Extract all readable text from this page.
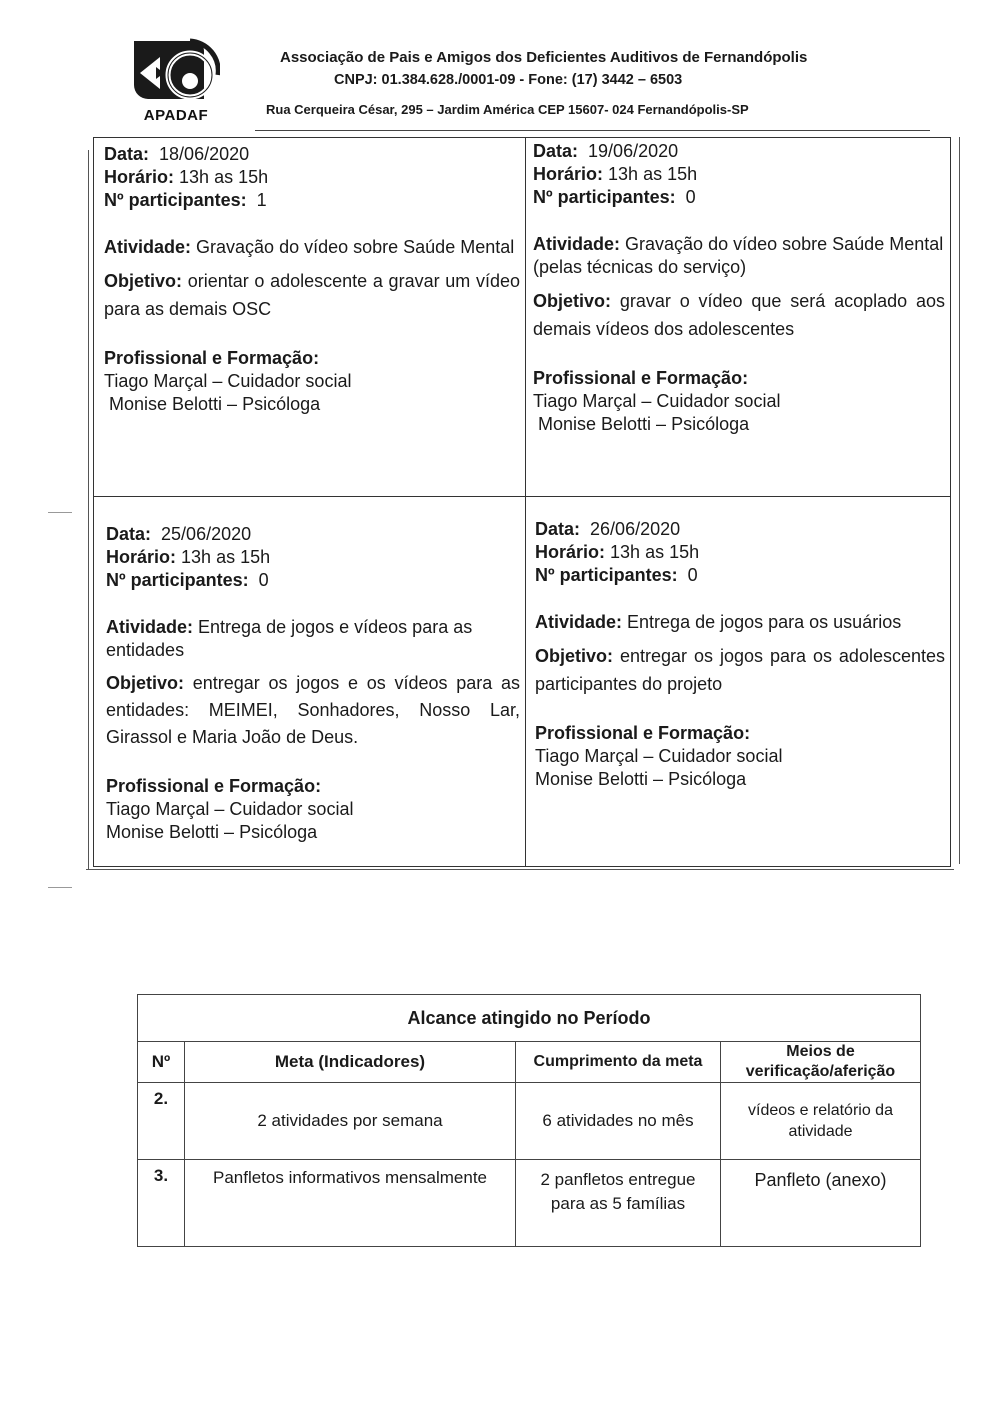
APADAF
Associação de Pais e Amigos dos Deficientes Auditivos de Fernandópolis
CNPJ: 01.384.628./0001-09 - Fone: (17) 3442 – 6503
Rua Cerqueira César, 295 – Jardim América CEP 15607- 024 Fernandópolis-SP

Data: 18/06/2020

Horário: 13h as 15h

Nº participantes: 1

Atividade: Gravação do vídeo sobre Saúde Mental

Objetivo: orientar o adolescente a gravar um vídeo para as demais OSC

Profissional e Formação:

Tiago Marçal – Cuidador social

Monise Belotti – Psicóloga

Data: 19/06/2020

Horário: 13h as 15h

Nº participantes: 0

Atividade: Gravação do vídeo sobre Saúde Mental (pelas técnicas do serviço)

Objetivo: gravar o vídeo que será acoplado aos demais vídeos dos adolescentes

Profissional e Formação:

Tiago Marçal – Cuidador social

Monise Belotti – Psicóloga

Data: 25/06/2020

Horário: 13h as 15h

Nº participantes: 0

Atividade: Entrega de jogos e vídeos para as entidades

Objetivo: entregar os jogos e os vídeos para as entidades: MEIMEI, Sonhadores, Nosso Lar, Girassol e Maria João de Deus.

Profissional e Formação:

Tiago Marçal – Cuidador social

Monise Belotti – Psicóloga

Data: 26/06/2020

Horário: 13h as 15h

Nº participantes: 0

Atividade: Entrega de jogos para os usuários

Objetivo: entregar os jogos para os adolescentes participantes do projeto

Profissional e Formação:

Tiago Marçal – Cuidador social

Monise Belotti – Psicóloga

Alcance atingido no Período			
Nº	Meta (Indicadores)	Cumprimento da meta	Meios de verificação/aferição
2.	2 atividades por semana	6 atividades no mês	vídeos e relatório da atividade
3.	Panfletos informativos mensalmente	2 panfletos entregue para as 5 famílias	Panfleto (anexo)
